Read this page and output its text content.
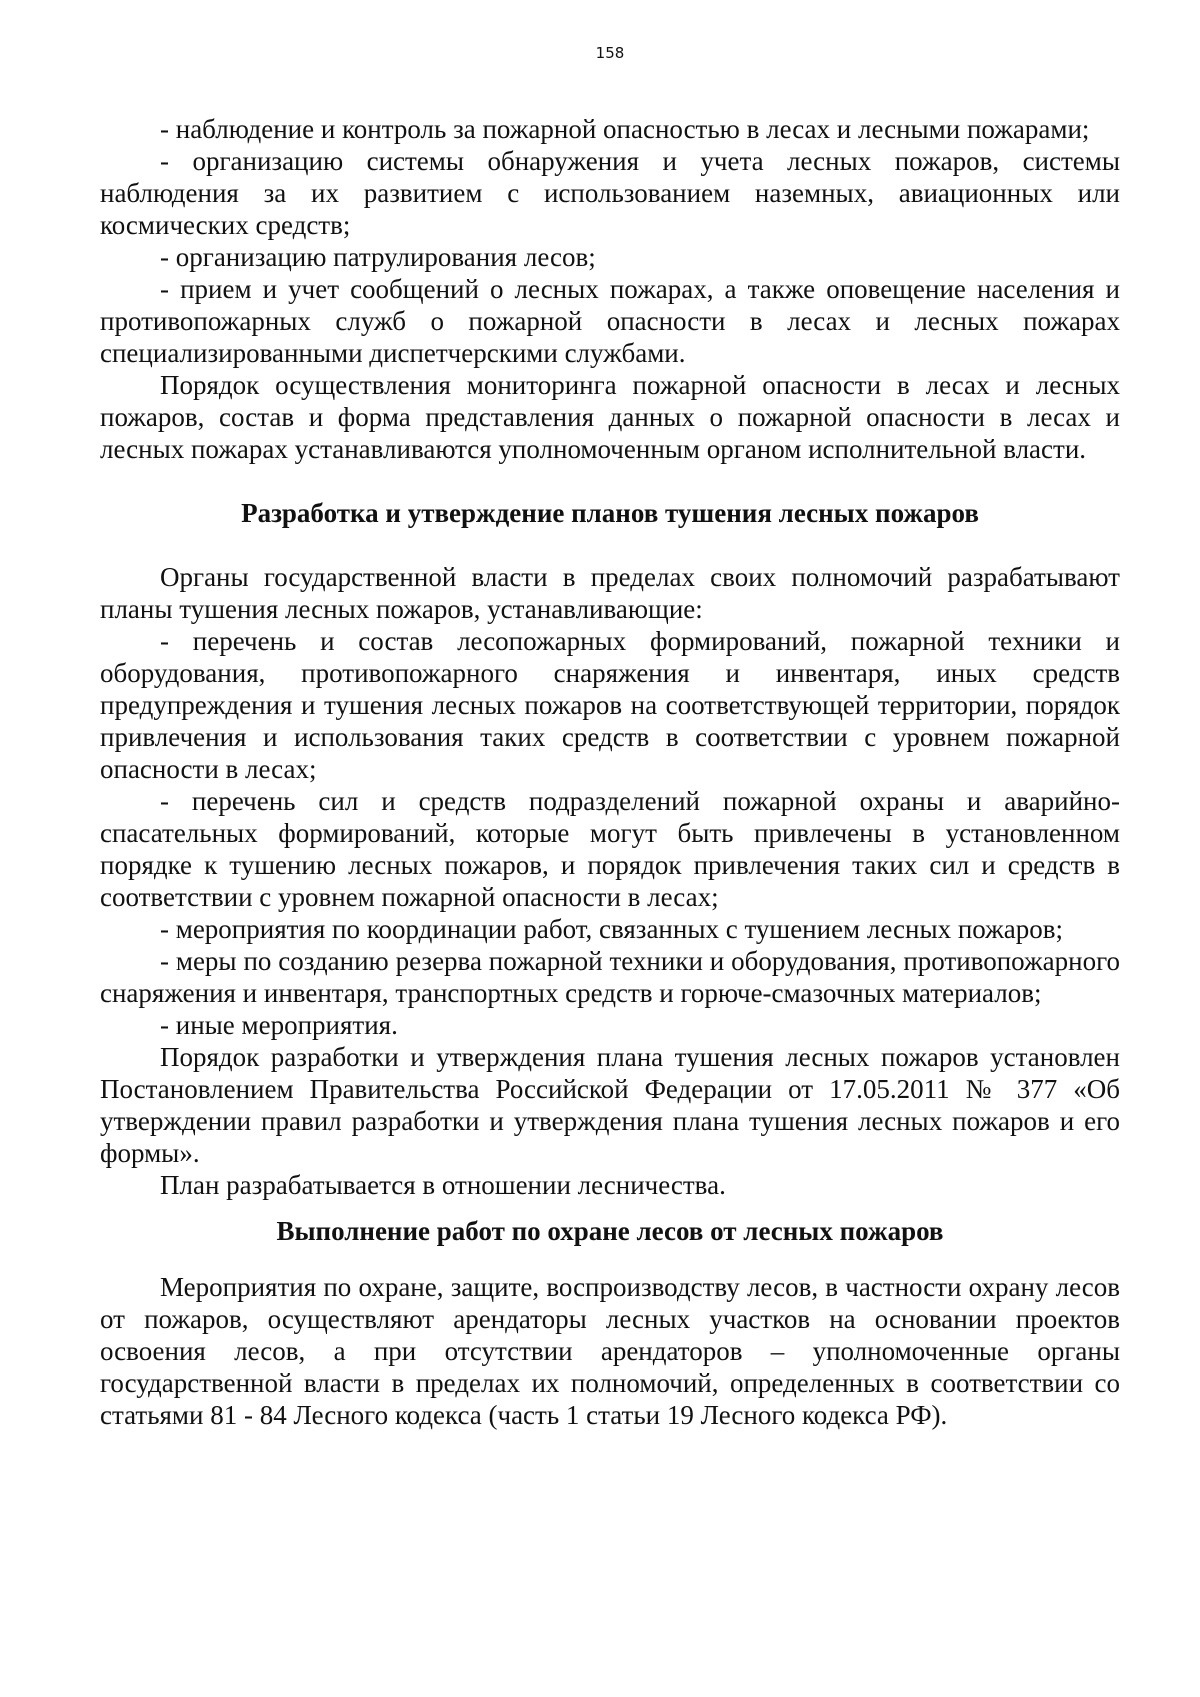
158

- наблюдение и контроль за пожарной опасностью в лесах и лесными пожарами;

- организацию системы обнаружения и учета лесных пожаров, системы наблюдения за их развитием с использованием наземных, авиационных или космических средств;

- организацию патрулирования лесов;

- прием и учет сообщений о лесных пожарах, а также оповещение населения и противопожарных служб о пожарной опасности в лесах и лесных пожарах специализированными диспетчерскими службами.

Порядок осуществления мониторинга пожарной опасности в лесах и лесных пожаров, состав и форма представления данных о пожарной опасности в лесах и лесных пожарах устанавливаются уполномоченным органом исполнительной власти.

Разработка и утверждение планов тушения лесных пожаров

Органы государственной власти в пределах своих полномочий разрабатывают планы тушения лесных пожаров, устанавливающие:

- перечень и состав лесопожарных формирований, пожарной техники и оборудования, противопожарного снаряжения и инвентаря, иных средств предупреждения и тушения лесных пожаров на соответствующей территории, порядок привлечения и использования таких средств в соответствии с уровнем пожарной опасности в лесах;

- перечень сил и средств подразделений пожарной охраны и аварийно-спасательных формирований, которые могут быть привлечены в установленном порядке к тушению лесных пожаров, и порядок привлечения таких сил и средств в соответствии с уровнем пожарной опасности в лесах;

- мероприятия по координации работ, связанных с тушением лесных пожаров;

- меры по созданию резерва пожарной техники и оборудования, противопожарного снаряжения и инвентаря, транспортных средств и горюче-смазочных материалов;

- иные мероприятия.

Порядок разработки и утверждения плана тушения лесных пожаров установлен Постановлением Правительства Российской Федерации от 17.05.2011 № 377 «Об утверждении правил разработки и утверждения плана тушения лесных пожаров и его формы».

План разрабатывается в отношении лесничества.

Выполнение работ по охране лесов от лесных пожаров

Мероприятия по охране, защите, воспроизводству лесов, в частности охрану лесов от пожаров, осуществляют арендаторы лесных участков на основании проектов освоения лесов, а при отсутствии арендаторов – уполномоченные органы государственной власти в пределах их полномочий, определенных в соответствии со статьями 81 - 84 Лесного кодекса (часть 1 статьи 19 Лесного кодекса РФ).
